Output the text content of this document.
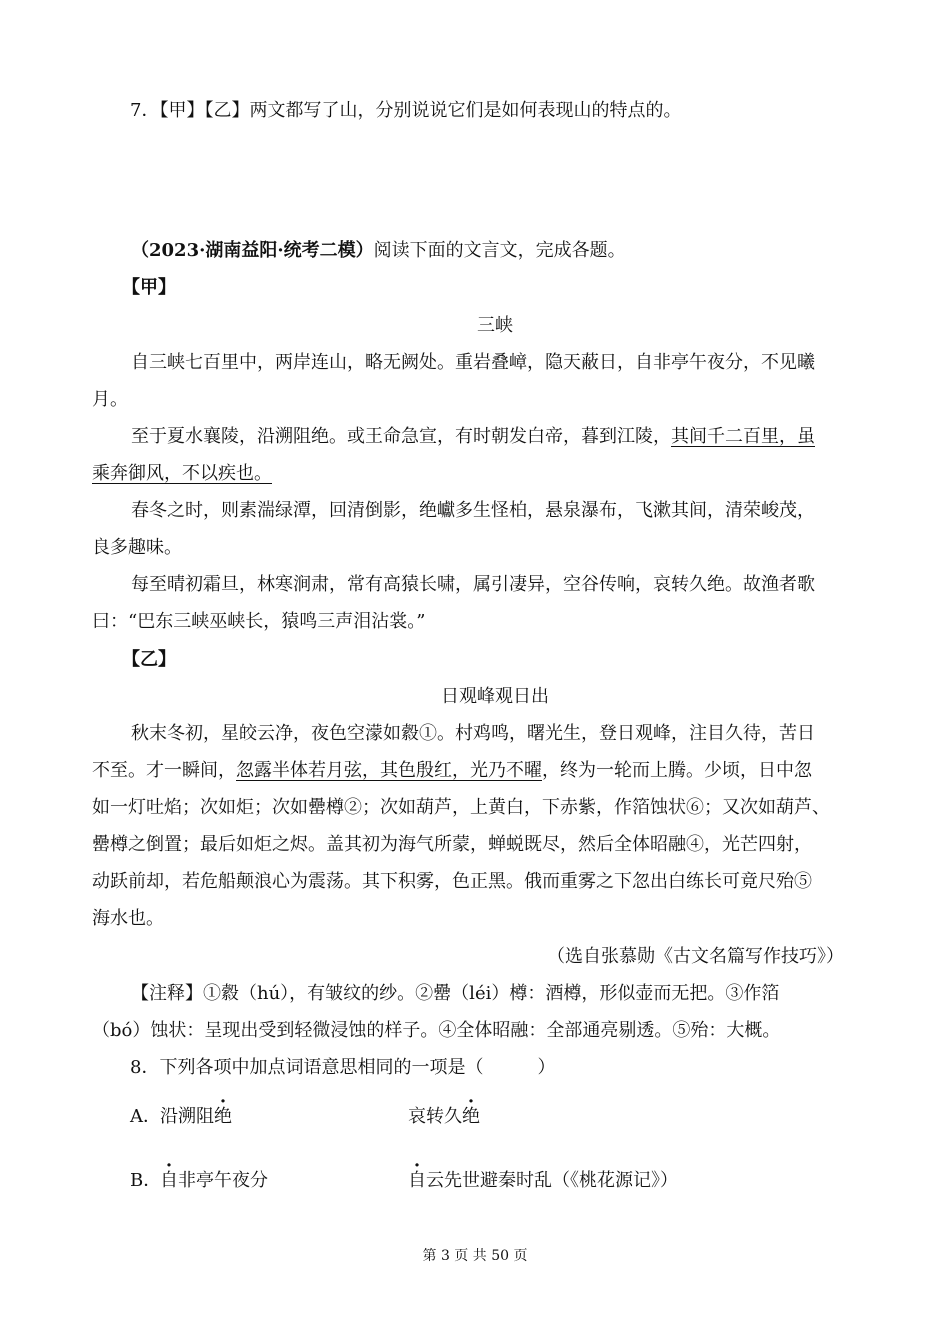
7．【甲】【乙】两文都写了山，分别说说它们是如何表现山的特点的。
（2023·湖南益阳·统考二模）阅读下面的文言文，完成各题。
【甲】
三峡
自三峡七百里中，两岸连山，略无阙处。重岩叠嶂，隐天蔽日，自非亭午夜分，不见曦
月。
至于夏水襄陵，沿溯阻绝。或王命急宣，有时朝发白帝，暮到江陵，其间千二百里，虽
乘奔御风，不以疾也。
春冬之时，则素湍绿潭，回清倒影，绝巘多生怪柏，悬泉瀑布，飞漱其间，清荣峻茂，
良多趣味。
每至晴初霜旦，林寒涧肃，常有高猿长啸，属引凄异，空谷传响，哀转久绝。故渔者歌
曰：“巴东三峡巫峡长，猿鸣三声泪沾裳。”
【乙】
日观峰观日出
秋末冬初，星皎云净，夜色空濛如縠①。村鸡鸣，曙光生，登日观峰，注目久待，苦日
不至。才一瞬间，忽露半体若月弦，其色殷红，光乃不曜，终为一轮而上腾。少顷，日中忽
如一灯吐焰；次如炬；次如罍樽②；次如葫芦，上黄白，下赤紫，作箔蚀状⑥；又次如葫芦、
罍樽之倒置；最后如炬之烬。盖其初为海气所蒙，蝉蜕既尽，然后全体昭融④，光芒四射，
动跃前却，若危船颠浪心为震荡。其下积雾，色正黑。俄而重雾之下忽出白练长可竟尺殆⑤
海水也。
（选自张慕勋《古文名篇写作技巧》）
【注释】①縠（hú），有皱纹的纱。②罍（léi）樽：酒樽，形似壶而无把。③作箔
（bó）蚀状：呈现出受到轻微浸蚀的样子。④全体昭融：全部通亮剔透。⑤殆：大概。
8．下列各项中加点词语意思相同的一项是（　　　）
A． 沿溯阻绝	哀转久绝
B．
自非亭午夜分	自云先世避秦时乱（《桃花源记》）
第 3 页 共 50 页
